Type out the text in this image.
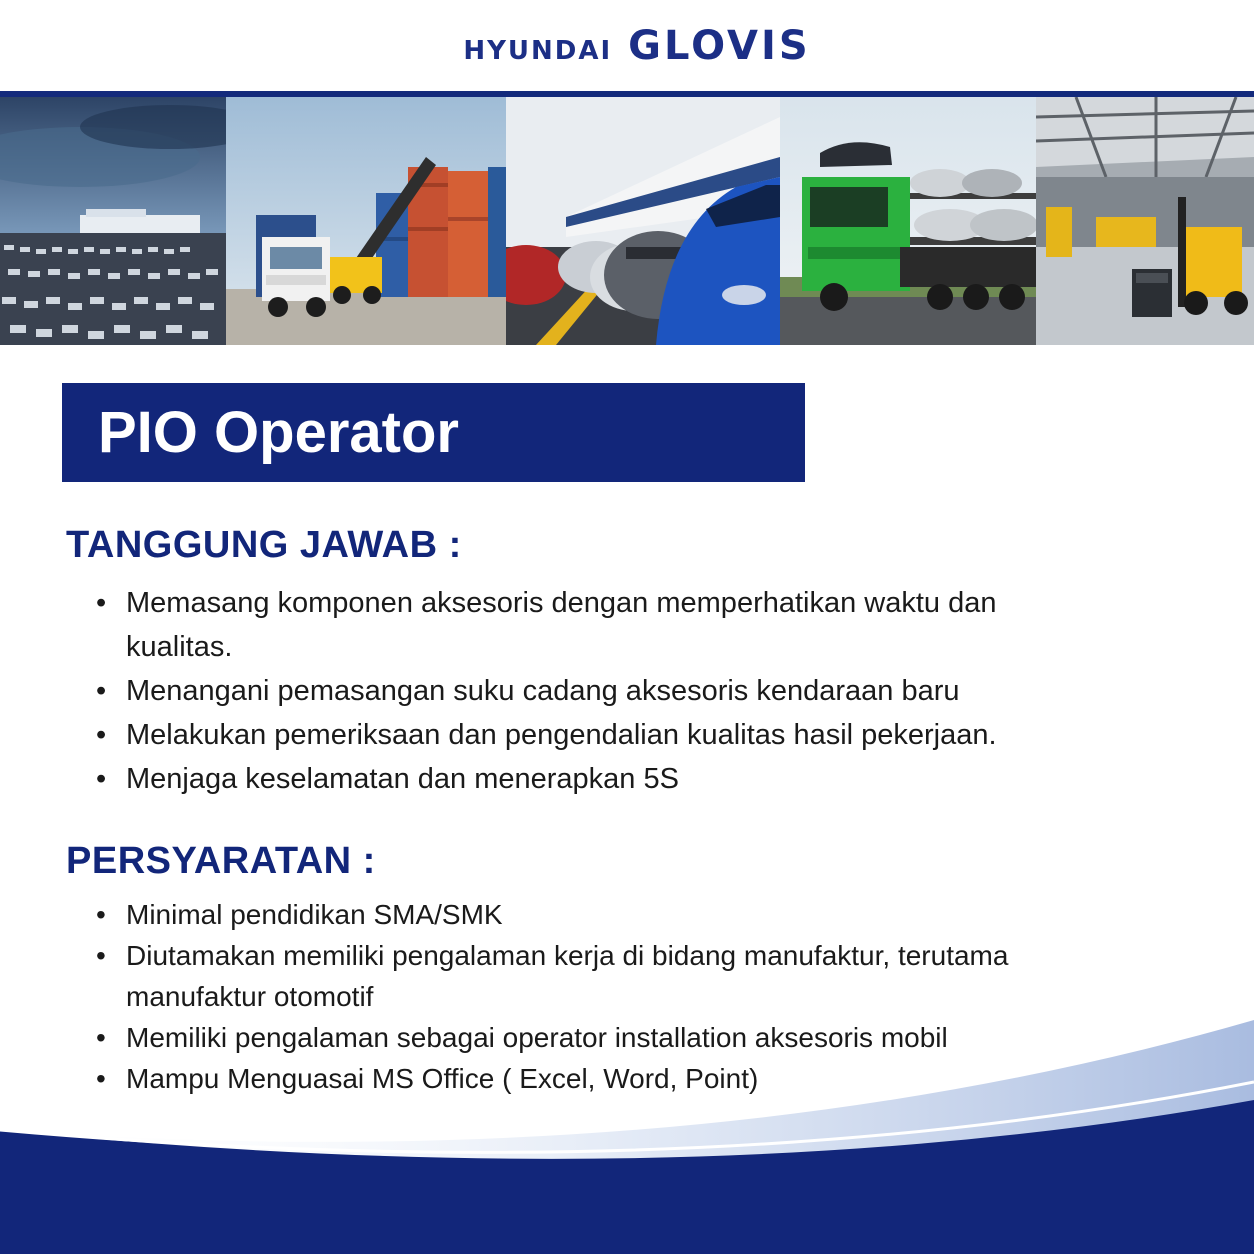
HYUNDAI GLOVIS
PIO Operator
TANGGUNG JAWAB :
• Memasang komponen aksesoris dengan memperhatikan waktu dan kualitas.
• Menangani pemasangan suku cadang aksesoris kendaraan baru
• Melakukan pemeriksaan dan pengendalian kualitas hasil pekerjaan.
• Menjaga keselamatan dan menerapkan 5S
PERSYARATAN :
• Minimal pendidikan SMA/SMK
• Diutamakan memiliki pengalaman kerja di bidang manufaktur, terutama manufaktur otomotif
• Memiliki pengalaman sebagai operator installation aksesoris mobil
• Mampu Menguasai MS Office ( Excel, Word, Point)
